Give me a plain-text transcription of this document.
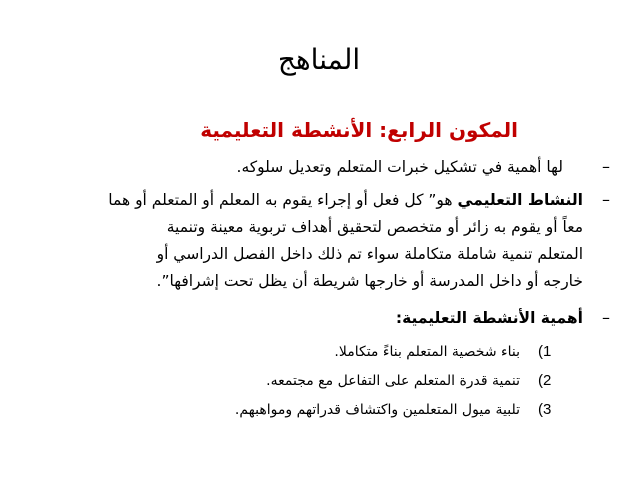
المناهج
المكون الرابع: الأنشطة التعليمية
–
لها أهمية في تشكيل خبرات المتعلم وتعديل سلوكه.
–
النشاط التعليمي هو” كل فعل أو إجراء يقوم به المعلم أو المتعلم أو هما
معاً أو يقوم به زائر أو متخصص لتحقيق أهداف تربوية معينة وتنمية
المتعلم تنمية شاملة متكاملة سواء تم ذلك داخل الفصل الدراسي أو
خارجه أو داخل المدرسة أو خارجها شريطة أن يظل تحت إشرافها”.
–
أهمية الأنشطة التعليمية:
(1
بناء شخصية المتعلم بناءً متكاملا.
(2
تنمية قدرة المتعلم على التفاعل مع مجتمعه.
(3
تلبية ميول المتعلمين واكتشاف قدراتهم ومواهبهم.
